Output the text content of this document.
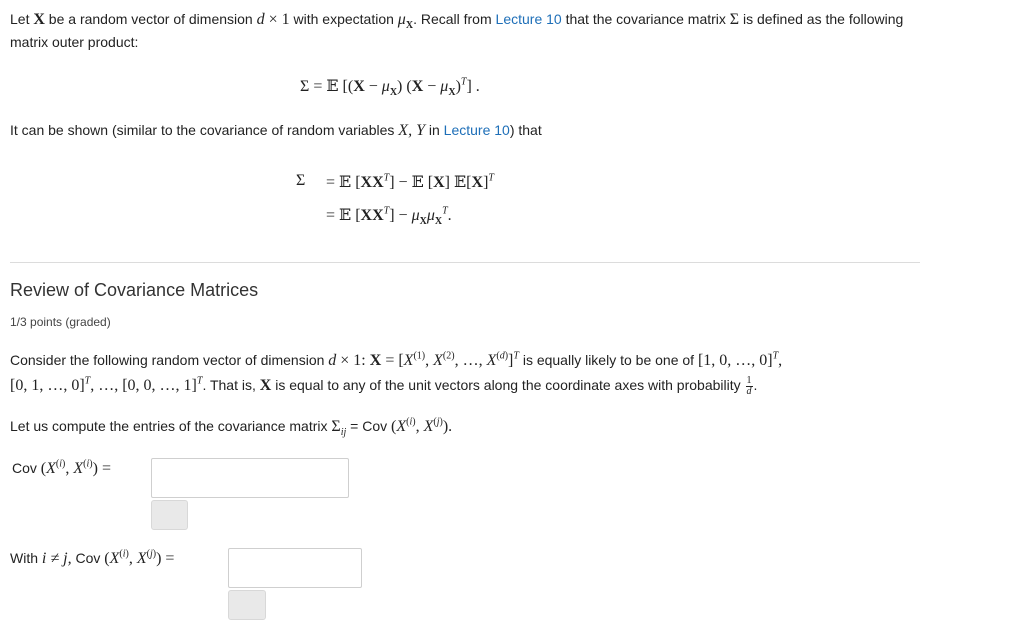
Let X be a random vector of dimension d × 1 with expectation $\mu_X$. Recall from Lecture 10 that the covariance matrix Σ is defined as the following matrix outer product:
Σ = 𝔼 [$(X - \mu_X)$ $(X - \mu_X)^T$] .
It can be shown (similar to the covariance of random variables X, Y in Lecture 10) that
Σ = 𝔼 $[XX^T]$ − 𝔼 [X] $𝔼[X]^T$
= 𝔼 $[XX^T] - \mu_X\mu_X^T$.
Review of Covariance Matrices
1/3 points (graded)
Consider the following random vector of dimension d × 1: $X = [X^{(1)}$, $X^{(2)}$, …, $X^{(d)}]^T$ is equally likely to be one of [1, 0, …, 0]$^T$,
[0, 1, …, 0]$^T$, …, [0, 0, …, 1]$^T$. That is, X is equal to any of the unit vectors along the coordinate axes with probability $\frac{1}{d}$ .
Let us compute the entries of the covariance matrix $\Sigma_{ij}$ = Cov ($X^{(i)}$, $X^{(j)}$).
Cov ($X^{(i)}$, $X^{(i)}$) =
With i ≠ j, Cov ($X^{(i)}$, $X^{(j)}$) =
